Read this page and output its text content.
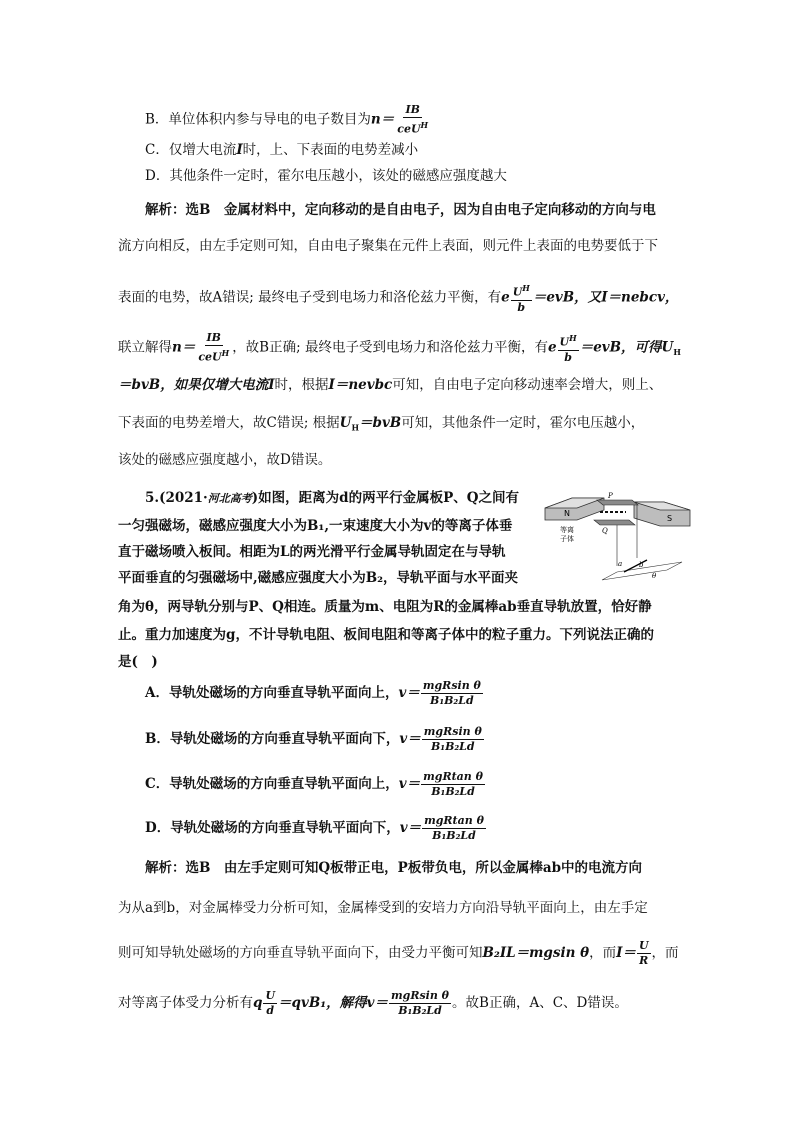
B．单位体积内参与导电的电子数目为$n= \frac{IB}{ceU^H}$
C．仅增大电流I时，上、下表面的电势差减小
D．其他条件一定时，霍尔电压越小，该处的磁感应强度越大
解析：选B　金属材料中，定向移动的是自由电子，因为自由电子定向移动的方向与电
流方向相反，由左手定则可知，自由电子聚集在元件上表面，则元件上表面的电势要低于下
表面的电势，故A错误; 最终电子受到电场力和洛伦兹力平衡，有e $\frac{U^H}{b} =evB$，又I＝nebcv，
联立解得$n= \frac{IB}{ceU^H}$ ，故B正确; 最终电子受到电场力和洛伦兹力平衡，有e $\frac{U^H}{b} =evB$，可得$U_H$
＝bvB，如果仅增大电流I时，根据I＝nevbc可知，自由电子定向移动速率会增大，则上、
下表面的电势差增大，故C错误; 根据$U_H=bvB$可知，其他条件一定时，霍尔电压越小，
该处的磁感应强度越小，故D错误。
5.(2021·河北高考)如图，距离为d的两平行金属板P、Q之间有
一匀强磁场，磁感应强度大小为B₁,一束速度大小为v的等离子体垂
直于磁场喷入板间。相距为L的两光滑平行金属导轨固定在与导轨
平面垂直的匀强磁场中,磁感应强度大小为B₂，导轨平面与水平面夹
角为θ，两导轨分别与P、Q相连。质量为m、电阻为R的金属棒ab垂直导轨放置，恰好静
止。重力加速度为g，不计导轨电阻、板间电阻和等离子体中的粒子重力。下列说法正确的
是(　)
N
S
P
Q
等离
子体
a b
θ
A．导轨处磁场的方向垂直导轨平面向上，$v= \frac{\text{mgRsin θ}}{\text{B₁B₂Ld}}$
B．导轨处磁场的方向垂直导轨平面向下，$v= \frac{\text{mgRsin θ}}{\text{B₁B₂Ld}}$
C．导轨处磁场的方向垂直导轨平面向上，$v= \frac{\text{mgRtan θ}}{\text{B₁B₂Ld}}$
D．导轨处磁场的方向垂直导轨平面向下，$v= \frac{\text{mgRtan θ}}{\text{B₁B₂Ld}}$
解析：选B　由左手定则可知Q板带正电，P板带负电，所以金属棒ab中的电流方向
为从a到b，对金属棒受力分析可知，金属棒受到的安培力方向沿导轨平面向上，由左手定
则可知导轨处磁场的方向垂直导轨平面向下，由受力平衡可知B₂IL＝mgsin θ，而$I= \frac{U}{R}$ ，而
对等离子体受力分析有q $\frac{U}{d} =qvB_1$，解得$v= \frac{\text{mgRsin θ}}{\text{B₁B₂Ld}}$ 。故B正确，A、C、D错误。
